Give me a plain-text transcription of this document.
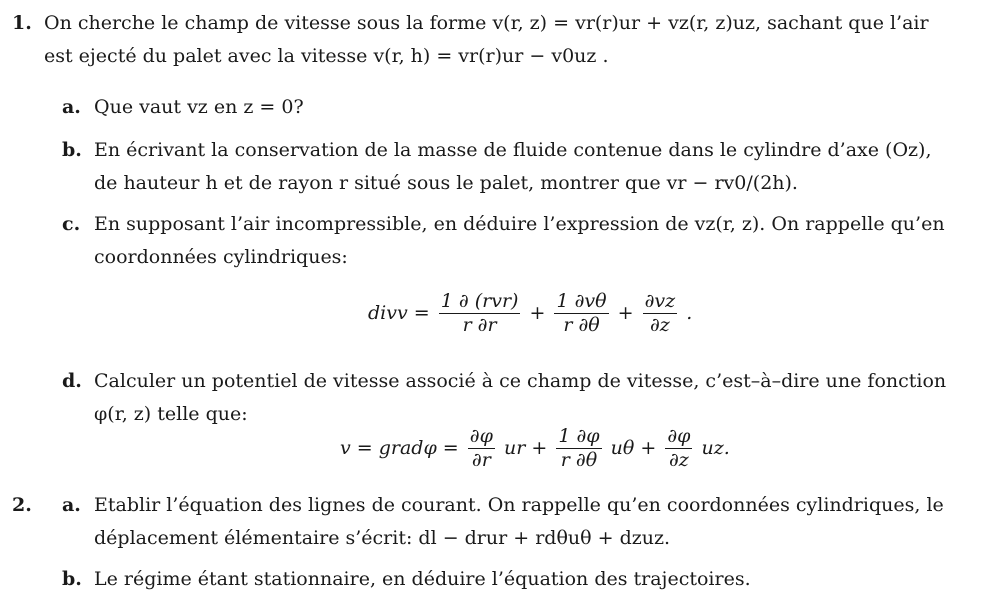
1. On cherche le champ de vitesse sous la forme v(r, z) = vr(r)ur + vz(r, z)uz, sachant que l’air
est ejecté du palet avec la vitesse v(r, h) = vr(r)ur − v0uz .
a. Que vaut vz en z = 0?
b. En écrivant la conservation de la masse de fluide contenue dans le cylindre d’axe (Oz),
de hauteur h et de rayon r situé sous le palet, montrer que vr − rv0/(2h).
c. En supposant l’air incompressible, en déduire l’expression de vz(r, z). On rappelle qu’en
coordonnées cylindriques:
divv = $\frac{\text{1 ∂ (rvr)}}{r \partial r} + \frac{1 \partial v\theta}{r \partial\theta} + \frac{\partial vz}{\partial z}$ .
d. Calculer un potentiel de vitesse associé à ce champ de vitesse, c’est–à–dire une fonction
φ(r, z) telle que:
v = gradφ = $\frac{\partial\varphi}{\partial r}$ ur + $\frac{1 \partial\varphi}{r \partial\theta}$ $u\theta + \frac{\partial\varphi}{\partial z}$ uz.
2. a. Etablir l’équation des lignes de courant. On rappelle qu’en coordonnées cylindriques, le
déplacement élémentaire s’écrit: dl − drur + rdθuθ + dzuz.
b. Le régime étant stationnaire, en déduire l’équation des trajectoires.
